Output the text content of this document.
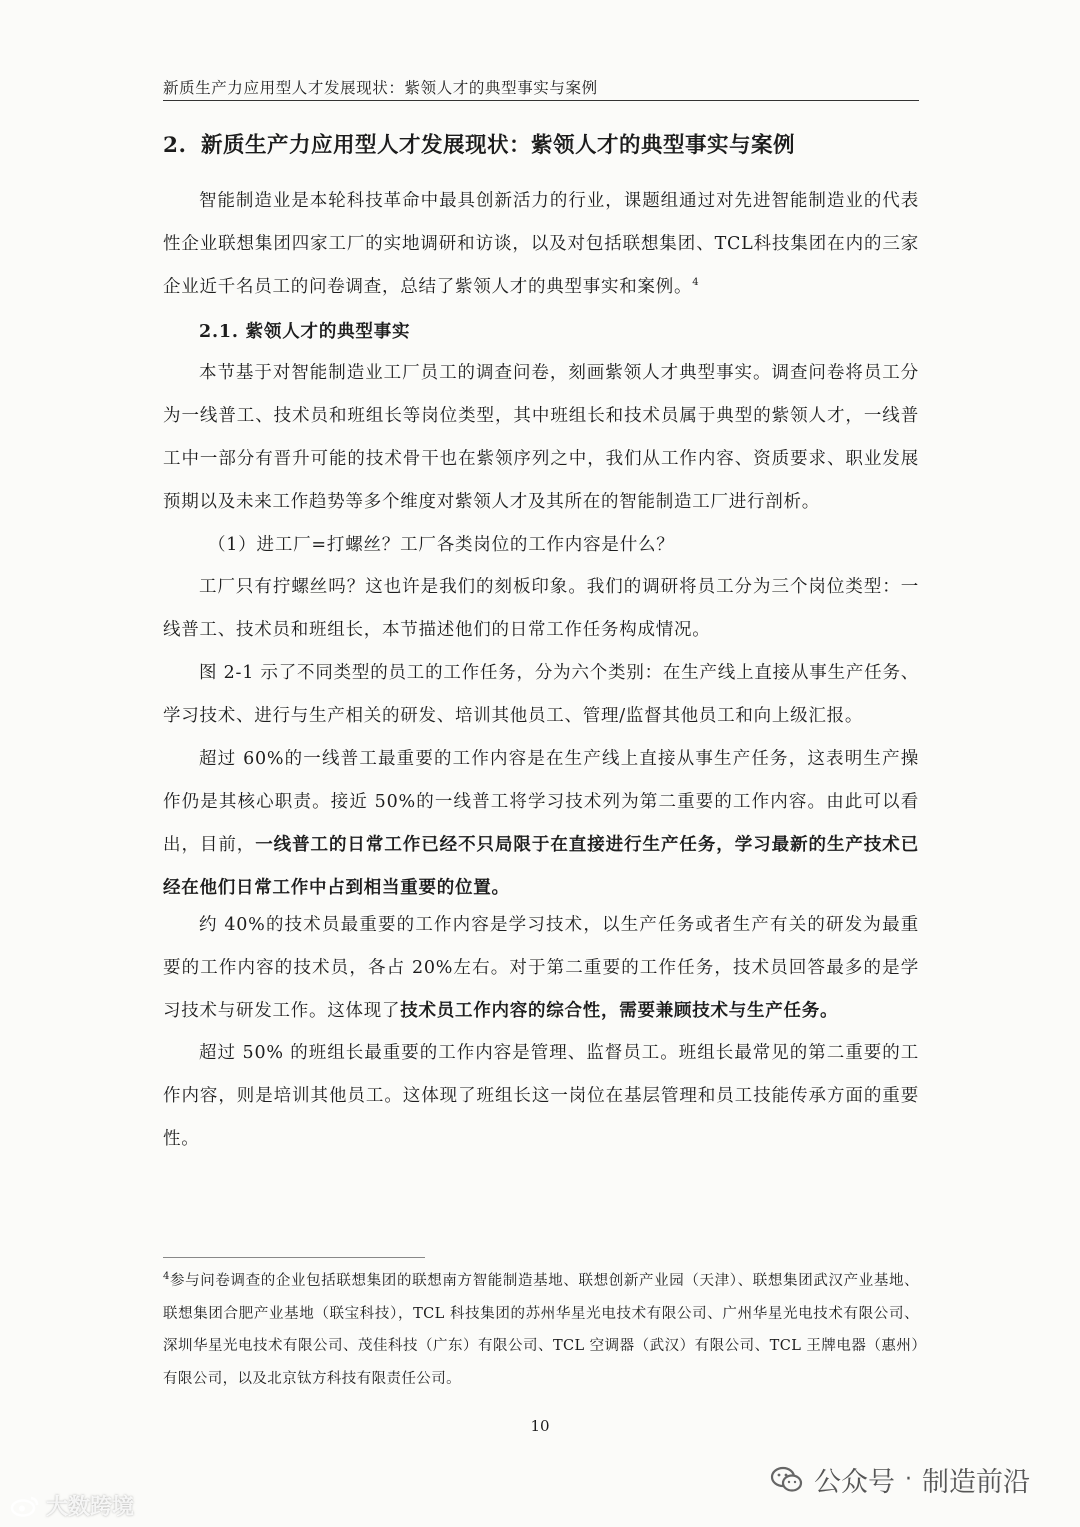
新质生产力应用型人才发展现状：紫领人才的典型事实与案例
2. 新质生产力应用型人才发展现状：紫领人才的典型事实与案例

智能制造业是本轮科技革命中最具创新活力的行业，课题组通过对先进智能制造业的代表性企业联想集团四家工厂的实地调研和访谈，以及对包括联想集团、TCL科技集团在内的三家企业近千名员工的问卷调查，总结了紫领人才的典型事实和案例。$^4$

2.1. 紫领人才的典型事实

本节基于对智能制造业工厂员工的调查问卷，刻画紫领人才典型事实。调查问卷将员工分为一线普工、技术员和班组长等岗位类型，其中班组长和技术员属于典型的紫领人才，一线普工中一部分有晋升可能的技术骨干也在紫领序列之中，我们从工作内容、资质要求、职业发展预期以及未来工作趋势等多个维度对紫领人才及其所在的智能制造工厂进行剖析。

（1）进工厂=打螺丝？工厂各类岗位的工作内容是什么？

工厂只有拧螺丝吗？这也许是我们的刻板印象。我们的调研将员工分为三个岗位类型：一线普工、技术员和班组长，本节描述他们的日常工作任务构成情况。

图 2-1 示了不同类型的员工的工作任务，分为六个类别：在生产线上直接从事生产任务、学习技术、进行与生产相关的研发、培训其他员工、管理/监督其他员工和向上级汇报。

超过 60%的一线普工最重要的工作内容是在生产线上直接从事生产任务，这表明生产操作仍是其核心职责。接近 50%的一线普工将学习技术列为第二重要的工作内容。由此可以看出，目前，一线普工的日常工作已经不只局限于在直接进行生产任务，学习最新的生产技术已经在他们日常工作中占到相当重要的位置。

约 40%的技术员最重要的工作内容是学习技术，以生产任务或者生产有关的研发为最重要的工作内容的技术员，各占 20%左右。对于第二重要的工作任务，技术员回答最多的是学习技术与研发工作。这体现了技术员工作内容的综合性，需要兼顾技术与生产任务。

超过 50% 的班组长最重要的工作内容是管理、监督员工。班组长最常见的第二重要的工作内容，则是培训其他员工。这体现了班组长这一岗位在基层管理和员工技能传承方面的重要性。

$^4$参与问卷调查的企业包括联想集团的联想南方智能制造基地、联想创新产业园（天津）、联想集团武汉产业基地、联想集团合肥产业基地（联宝科技），TCL 科技集团的苏州华星光电技术有限公司、广州华星光电技术有限公司、深圳华星光电技术有限公司、茂佳科技（广东）有限公司、TCL 空调器（武汉）有限公司、TCL 王牌电器（惠州）有限公司，以及北京钛方科技有限责任公司。
10
大数跨境
公众号 · 制造前沿
